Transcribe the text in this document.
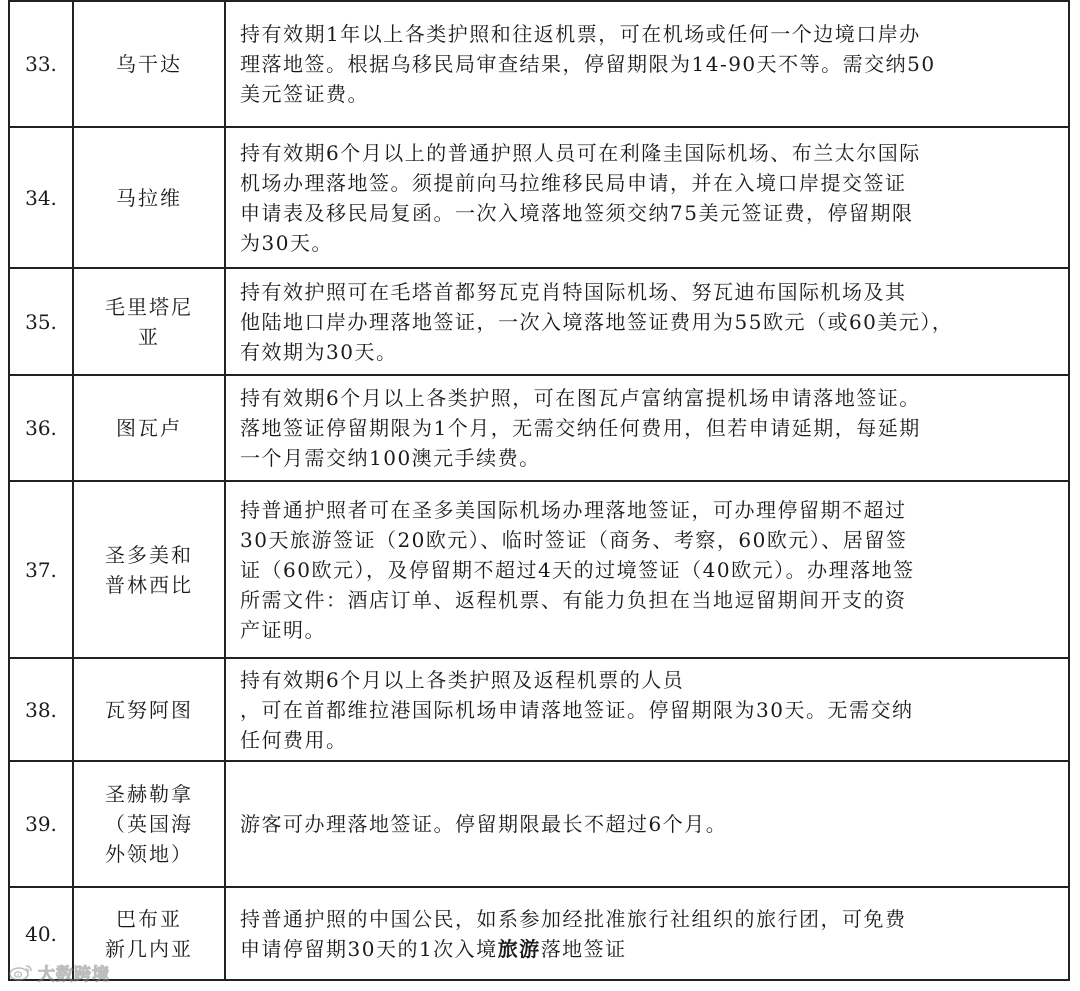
33.	乌干达	持有效期1年以上各类护照和往返机票，可在机场或任何一个边境口岸办
理落地签。根据乌移民局审查结果，停留期限为14-90天不等。需交纳50
美元签证费。

34.	马拉维	持有效期6个月以上的普通护照人员可在利隆圭国际机场、布兰太尔国际
机场办理落地签。须提前向马拉维移民局申请，并在入境口岸提交签证
申请表及移民局复函。一次入境落地签须交纳75美元签证费，停留期限
为30天。

35.	毛里塔尼
亚	持有效护照可在毛塔首都努瓦克肖特国际机场、努瓦迪布国际机场及其
他陆地口岸办理落地签证，一次入境落地签证费用为55欧元（或60美元），
有效期为30天。

36.	图瓦卢	持有效期6个月以上各类护照，可在图瓦卢富纳富提机场申请落地签证。
落地签证停留期限为1个月，无需交纳任何费用，但若申请延期，每延期
一个月需交纳100澳元手续费。

37.	圣多美和
普林西比	持普通护照者可在圣多美国际机场办理落地签证，可办理停留期不超过
30天旅游签证（20欧元）、临时签证（商务、考察，60欧元）、居留签
证（60欧元），及停留期不超过4天的过境签证（40欧元）。办理落地签
所需文件：酒店订单、返程机票、有能力负担在当地逗留期间开支的资
产证明。

38.	瓦努阿图	持有效期6个月以上各类护照及返程机票的人员
，可在首都维拉港国际机场申请落地签证。停留期限为30天。无需交纳
任何费用。

39.	圣赫勒拿
（英国海
外领地）	游客可办理落地签证。停留期限最长不超过6个月。

40.	巴布亚
新几内亚	持普通护照的中国公民，如系参加经批准旅行社组织的旅行团，可免费
申请停留期30天的1次入境旅游落地签证
大数跨境
